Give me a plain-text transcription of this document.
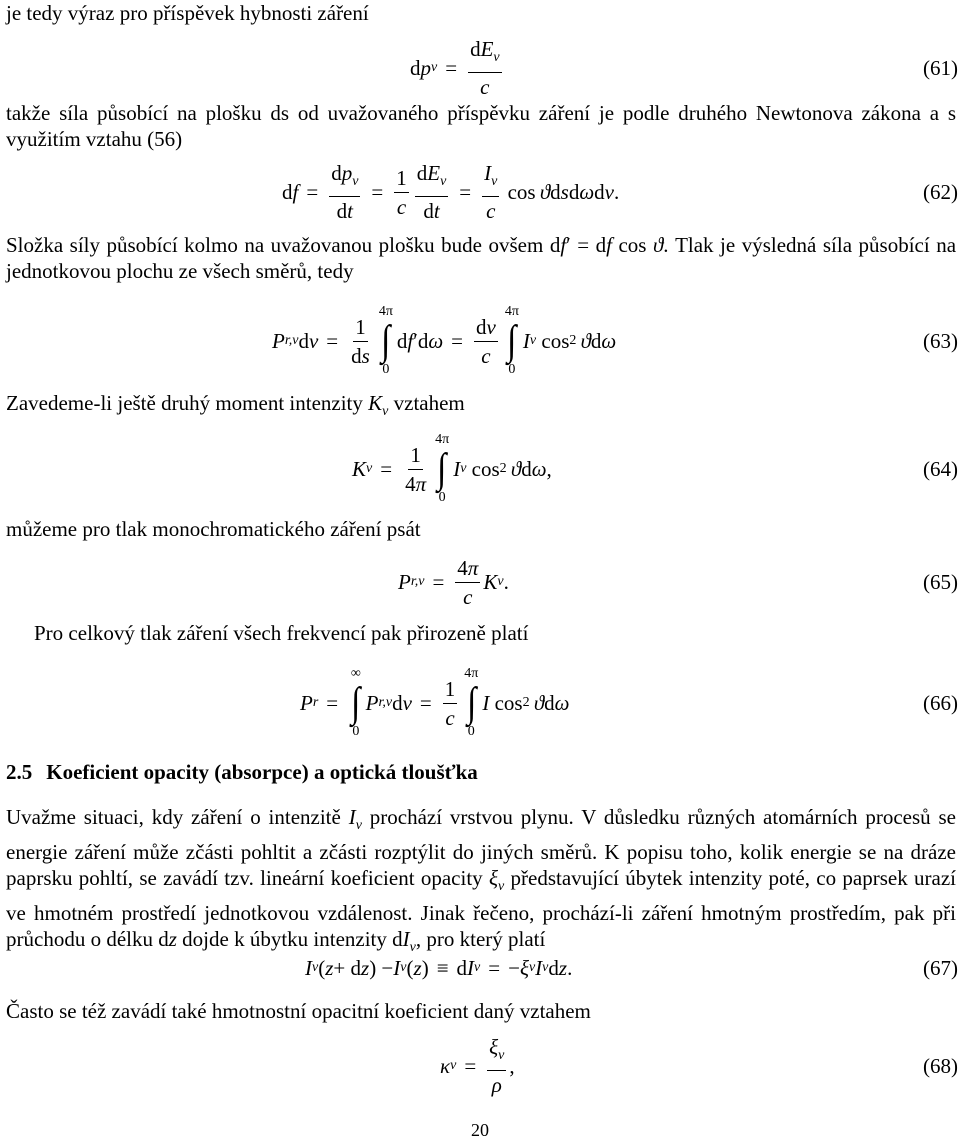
je tedy výraz pro příspěvek hybnosti záření
d p $\nu = \frac{dE_\nu}{c}$	(61)
takže síla působící na plošku ds od uvažovaného příspěvku záření je podle druhého Newtonova zákona a s využitím vztahu (56)
d $f = \frac{dp_\nu}{dt} = \frac{1}{c} \frac{dE_\nu}{dt} = \frac{I_\nu}{c}$ cos  ϑ d s d ω d ν .	(62)
Složka síly působící kolmo na uvažovanou plošku bude ovšem df′ = df cos ϑ. Tlak je výsledná síla působící na jednotkovou plochu ze všech směrů, tedy
P r,ν d $\nu = \frac{1}{ds}$
4π
∫
0
d f ′d $\omega = \frac{d\nu}{c}$
4π
∫
0
I ν cos 2
  ϑ d ω	(63)
Zavedeme-li ještě druhý moment intenzity $K_\nu$ vztahem
K $\nu = \frac{1}{4\pi}$
4π
∫
0
I ν cos 2
  ϑ d ω ,	(64)
můžeme pro tlak monochromatického záření psát
P $r,\nu = \frac{4\pi}{c}$ K ν .	(65)
Pro celkový tlak záření všech frekvencí pak přirozeně platí
P r =
∞
∫
0
P r,ν d $\nu = \frac{1}{c}$
4π
∫
0
I cos 2
  ϑ d ω	(66)
2.5 Koeficient opacity (absorpce) a optická tloušťka
Uvažme situaci, kdy záření o intenzitě $I_\nu$ prochází vrstvou plynu. V důsledku různých atomárních procesů se energie záření může zčásti pohltit a zčásti rozptýlit do jiných směrů. K popisu toho, kolik energie se na dráze paprsku pohltí, se zavádí tzv. lineární koeficient opacity $\xi_\nu$ představující úbytek intenzity poté, co paprsek urazí ve hmotném prostředí jednotkovou vzdálenost. Jinak řečeno, prochází-li záření hmotným prostředím, pak při průchodu o délku dz dojde k úbytku intenzity $dI_\nu$, pro který platí
I ν ( z + d z ) − I ν ( z ) ≡ d I ν = − ξ ν I ν d z .	(67)
Často se též zavádí také hmotnostní opacitní koeficient daný vztahem
κ $\nu = \frac{\xi_\nu}{\rho}$ ,	(68)
20
